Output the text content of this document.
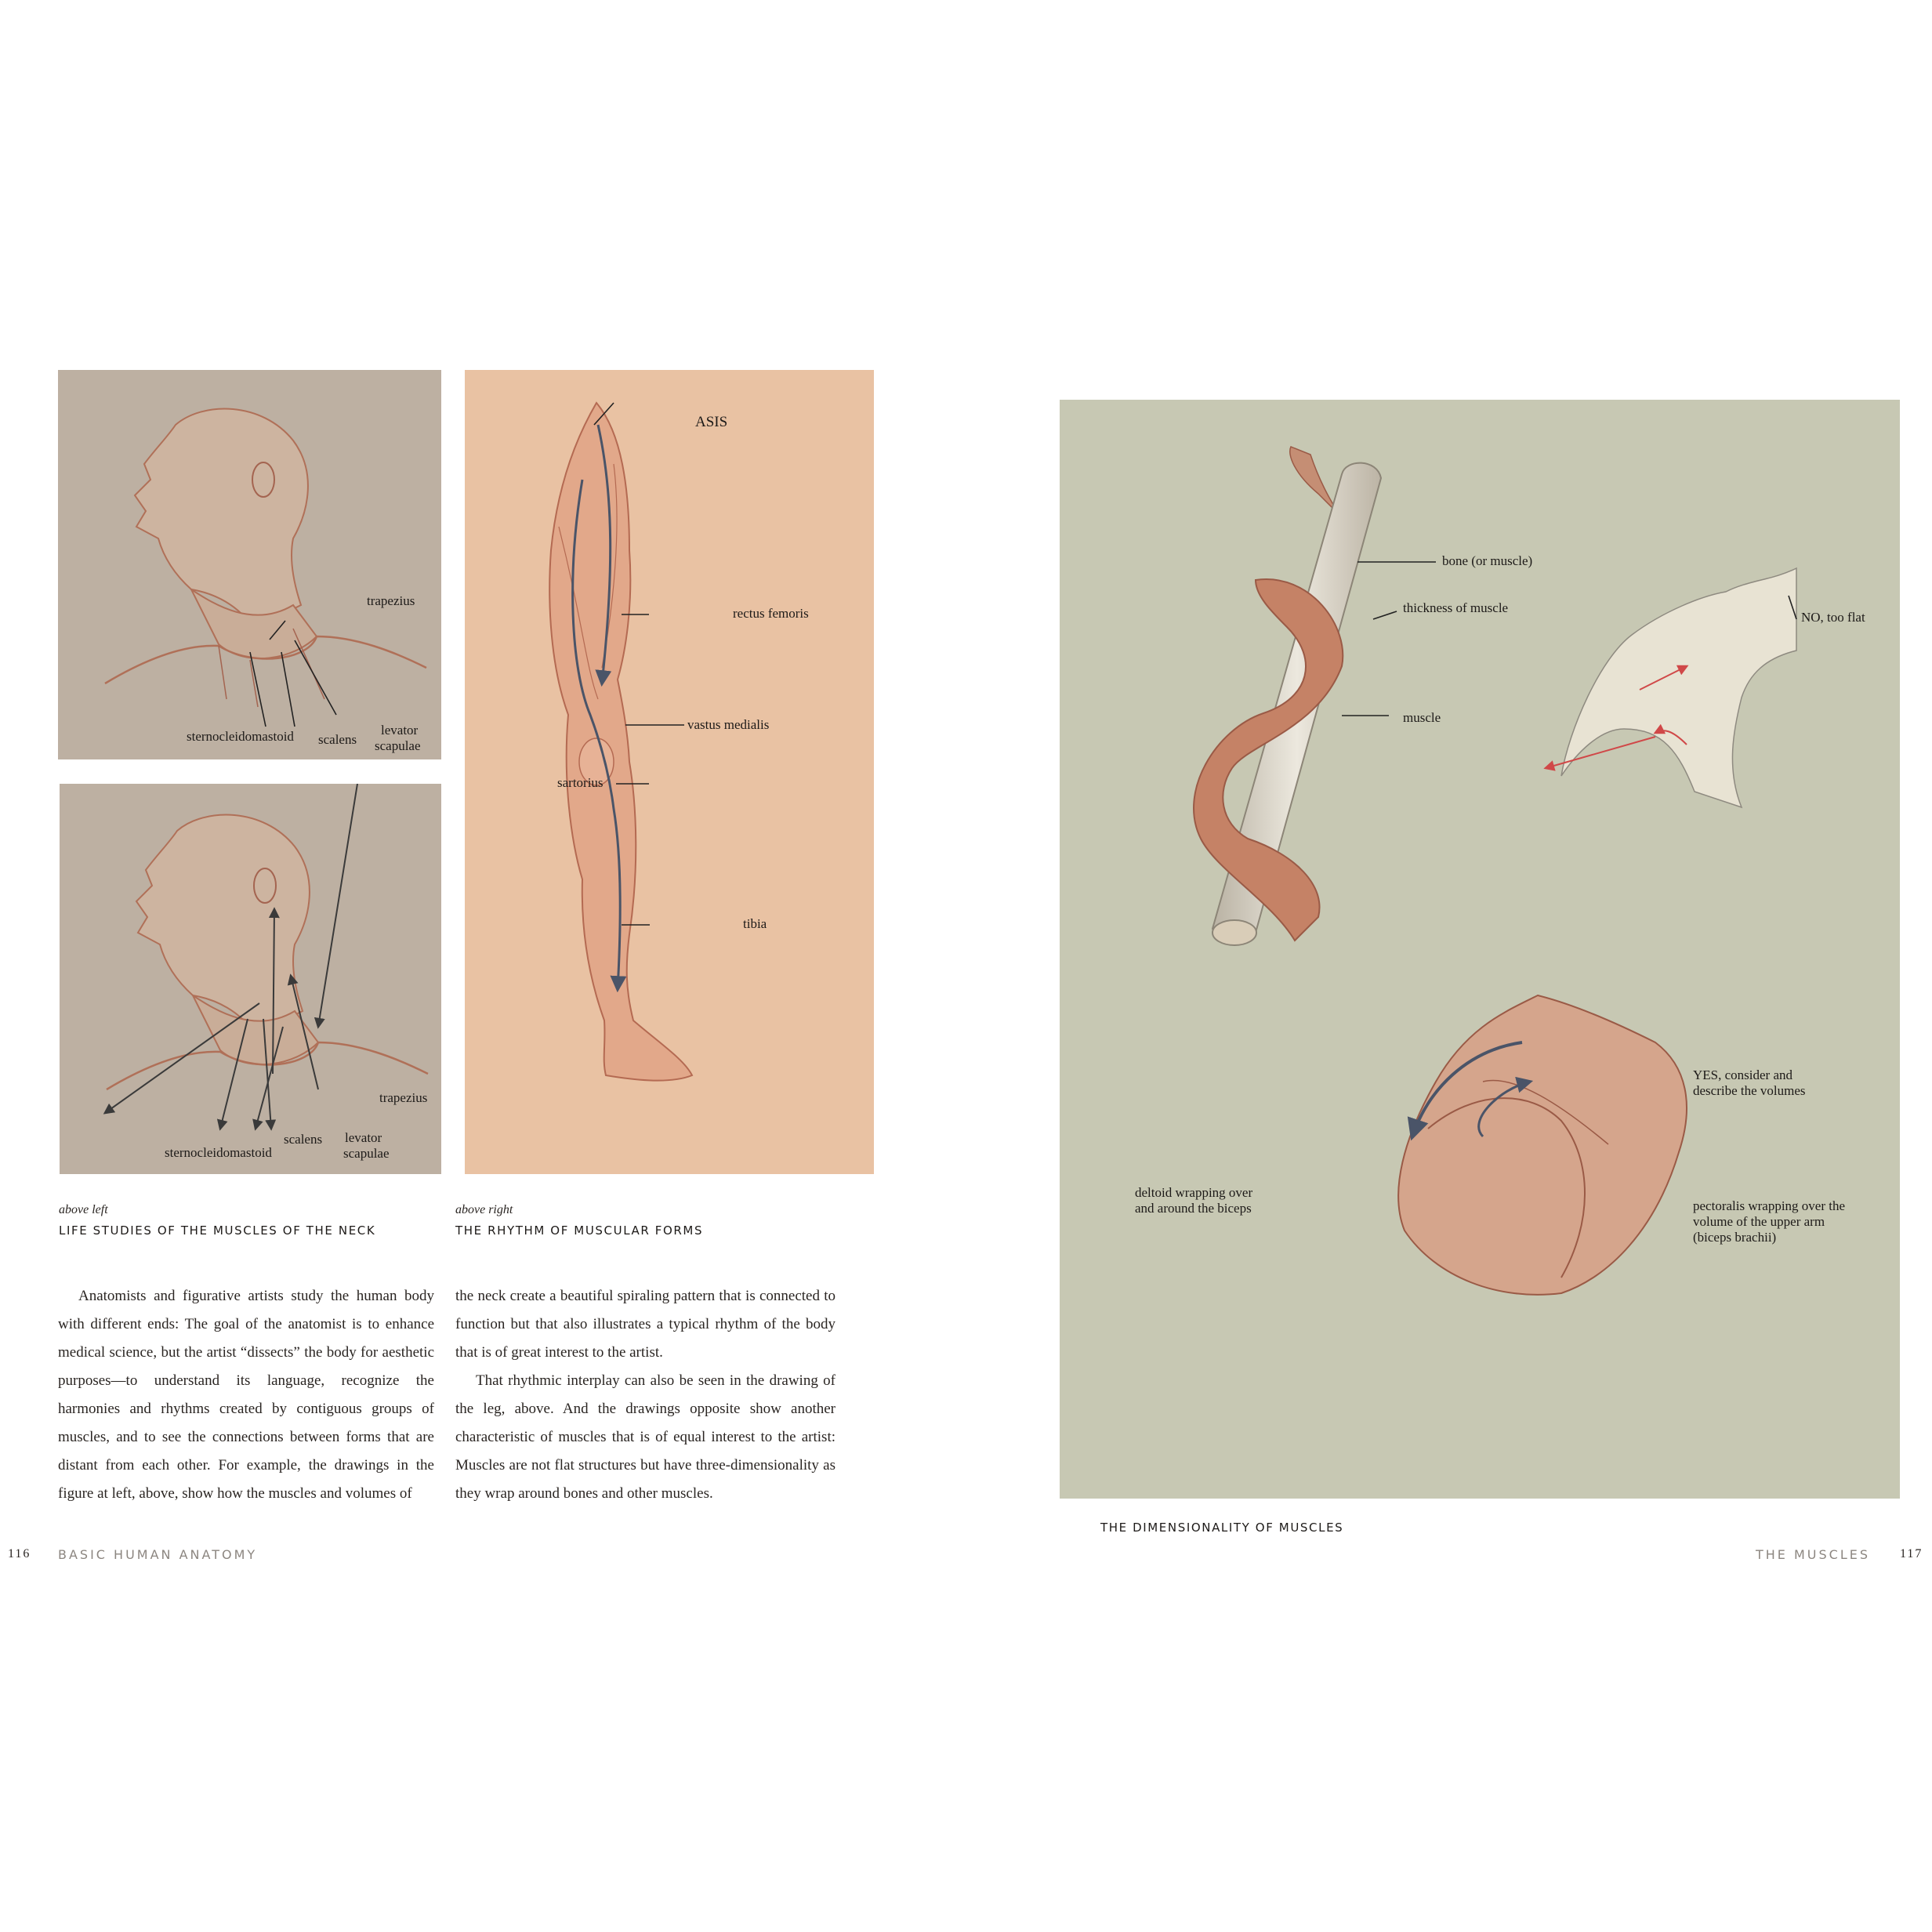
trapezius
sternocleidomastoid scalens
levator
scapulae
trapezius
sternocleidomastoid
scalens levator
scapulae
ASIS
rectus femoris
vastus medialis
sartorius
tibia
above left
LIFE STUDIES OF THE MUSCLES OF THE NECK
above right
THE RHYTHM OF MUSCULAR FORMS

Anatomists and figurative artists study the human body with different ends: The goal of the anatomist is to enhance medical science, but the artist “dissects” the body for aesthetic purposes—to understand its language, recognize the harmonies and rhythms created by contiguous groups of muscles, and to see the connections between forms that are distant from each other. For example, the drawings in the figure at left, above, show how the muscles and volumes of

the neck create a beautiful spiraling pattern that is connected to function but that also illustrates a typical rhythm of the body that is of great interest to the artist.

That rhythmic interplay can also be seen in the drawing of the leg, above. And the drawings opposite show another characteristic of muscles that is of equal interest to the artist: Muscles are not flat structures but have three-dimensionality as they wrap around bones and other muscles.

116 BASIC HUMAN ANATOMY
bone (or muscle)
thickness of muscle
muscle
NO, too flat
YES, consider and
describe the volumes
deltoid wrapping over
and around the biceps	pectoralis wrapping over the
volume of the upper arm
(biceps brachii)
THE DIMENSIONALITY OF MUSCLES
THE MUSCLES 117
